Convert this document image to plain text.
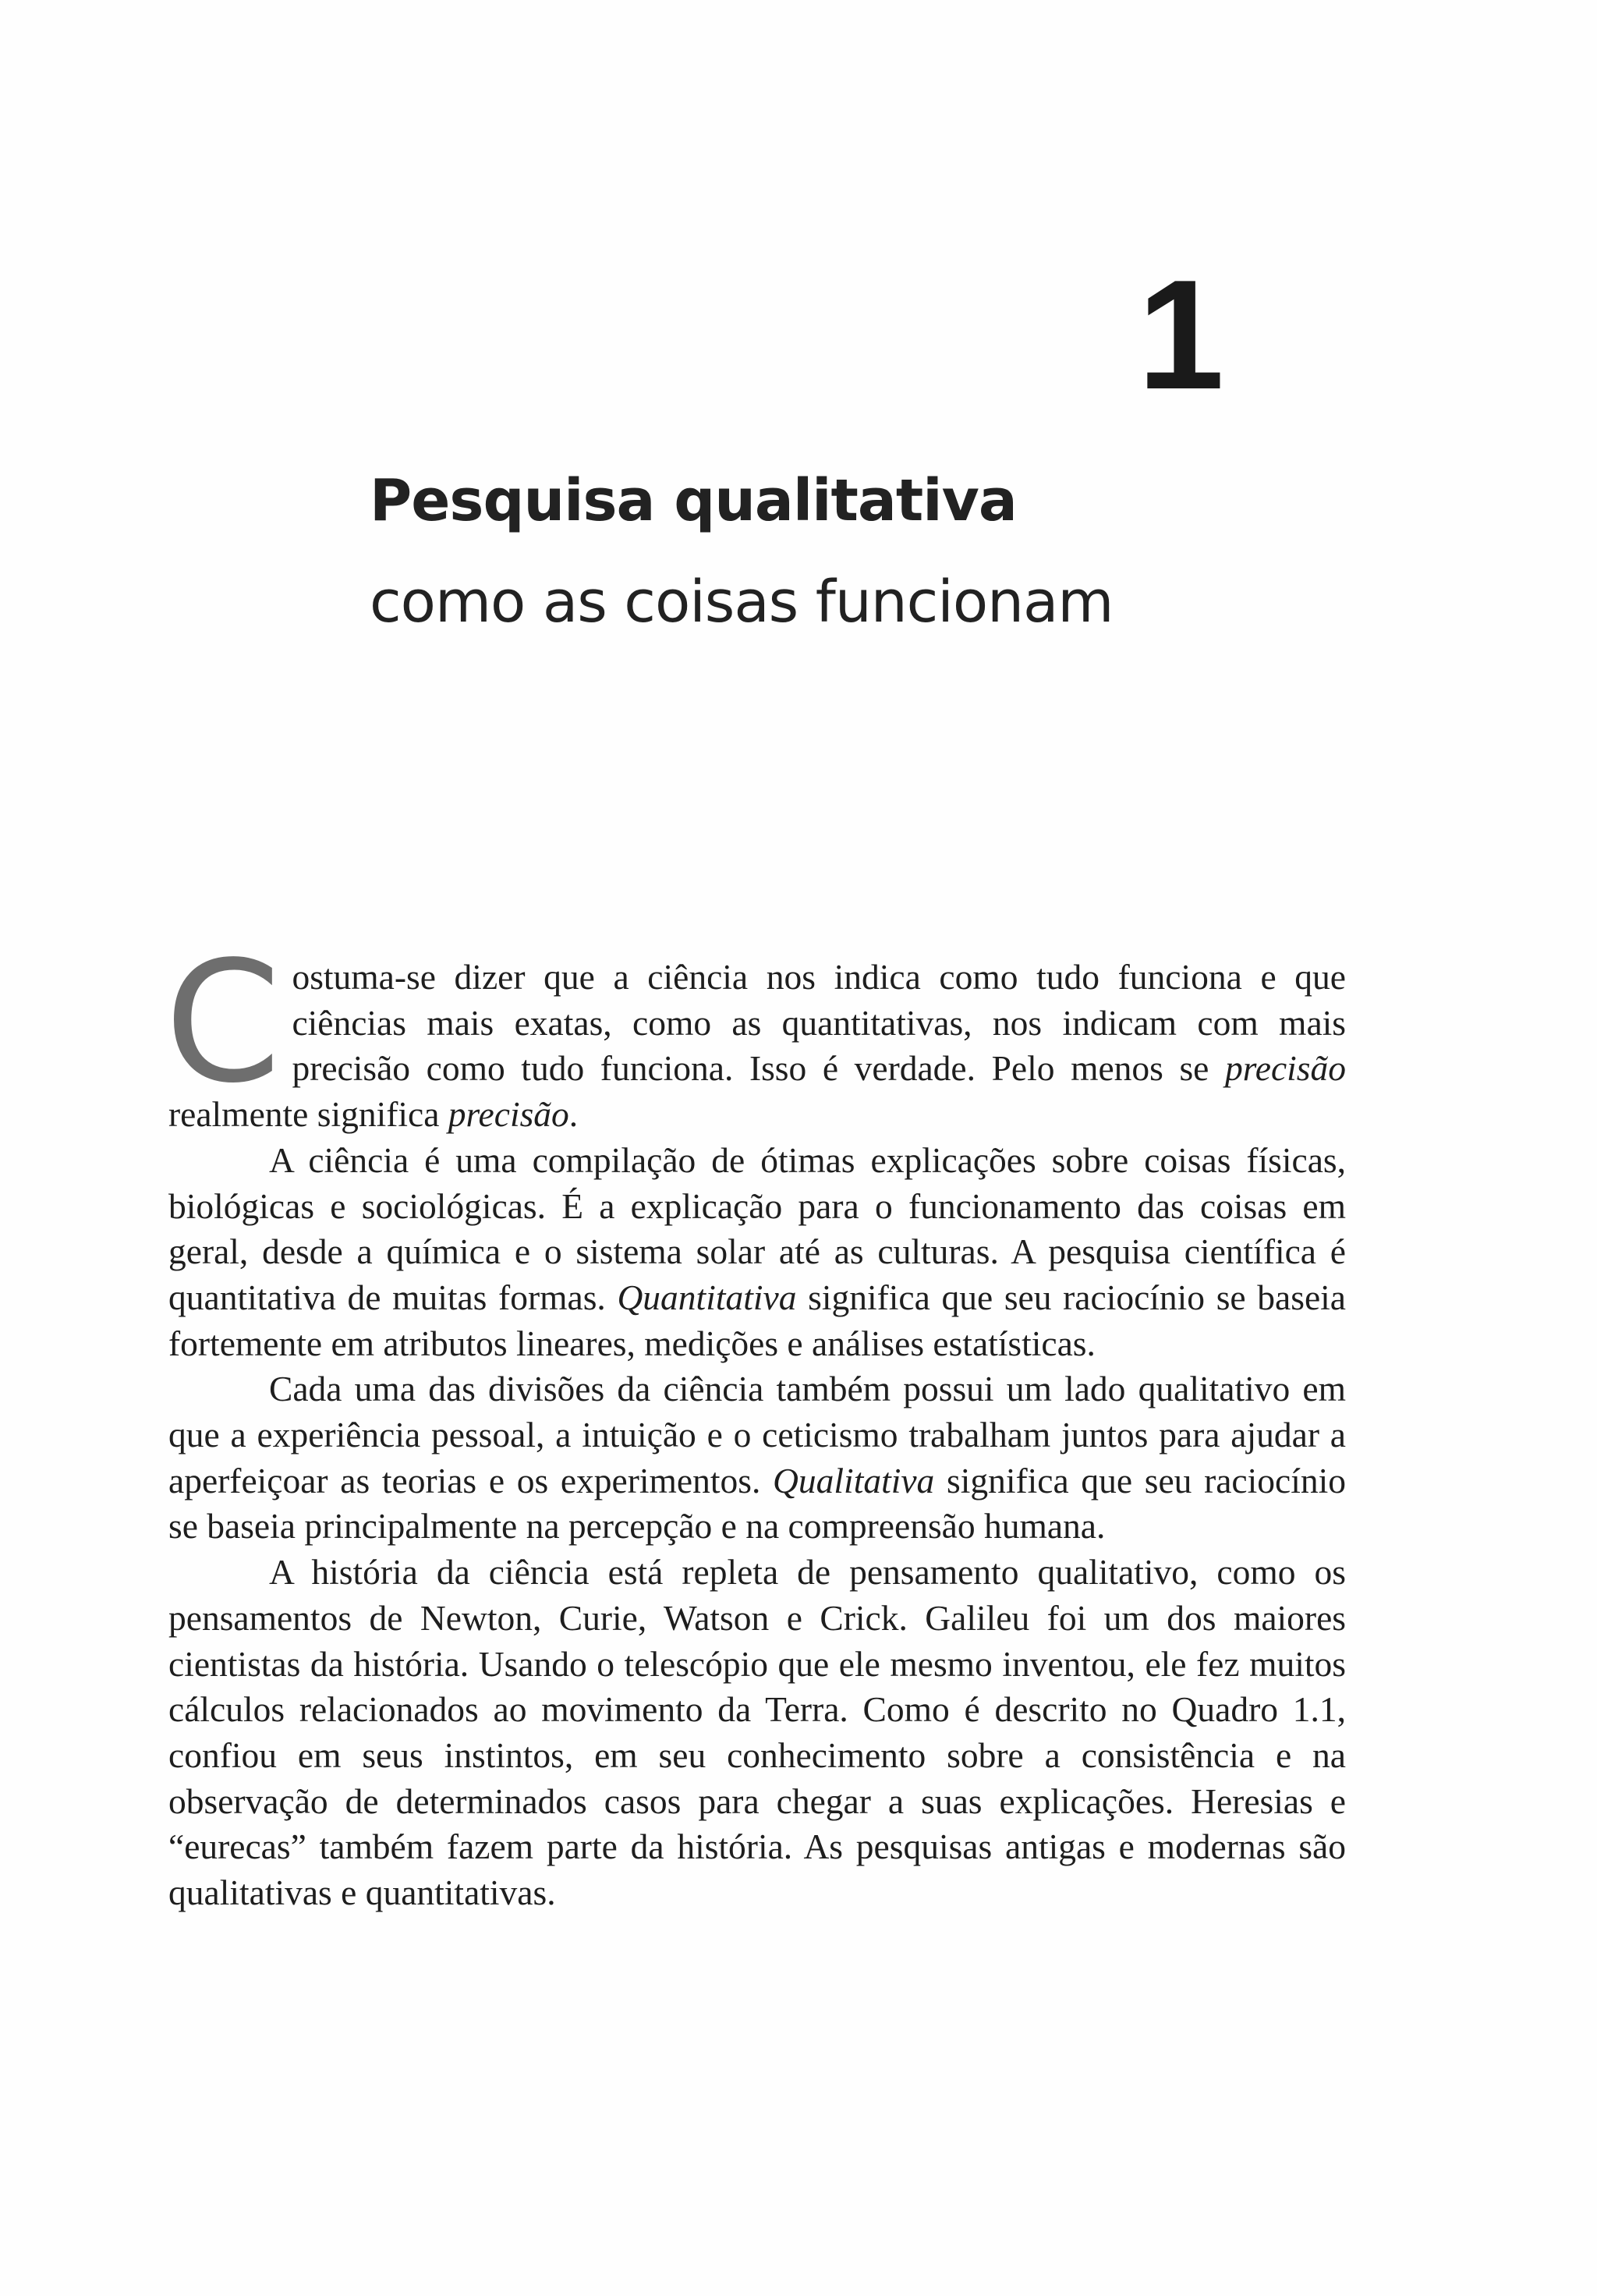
1
Pesquisa qualitativa
como as coisas funcionam

Costuma-se dizer que a ciência nos indica como tudo funciona e que ciências mais exatas, como as quantitativas, nos indicam com mais precisão como tudo funciona. Isso é verdade. Pelo menos se precisão realmente significa precisão.

A ciência é uma compilação de ótimas explicações sobre coisas físicas, biológicas e sociológicas. É a explicação para o funcionamento das coisas em geral, desde a química e o sistema solar até as culturas. A pesquisa científica é quantitativa de muitas formas. Quantitativa significa que seu raciocínio se baseia fortemente em atributos lineares, medições e análises estatísticas.

Cada uma das divisões da ciência também possui um lado qualitativo em que a experiência pessoal, a intuição e o ceticismo trabalham juntos para ajudar a aperfeiçoar as teorias e os experimentos. Qualitativa significa que seu raciocínio se baseia principalmente na percepção e na compreensão humana.

A história da ciência está repleta de pensamento qualitativo, como os pensamentos de Newton, Curie, Watson e Crick. Galileu foi um dos maiores cientistas da história. Usando o telescópio que ele mesmo inventou, ele fez muitos cálculos relacionados ao movimento da Terra. Como é descrito no Quadro 1.1, confiou em seus instintos, em seu conhecimento sobre a consistência e na observação de determinados casos para chegar a suas explicações. Heresias e “eurecas” também fazem parte da história. As pesquisas antigas e modernas são qualitativas e quantitativas.
